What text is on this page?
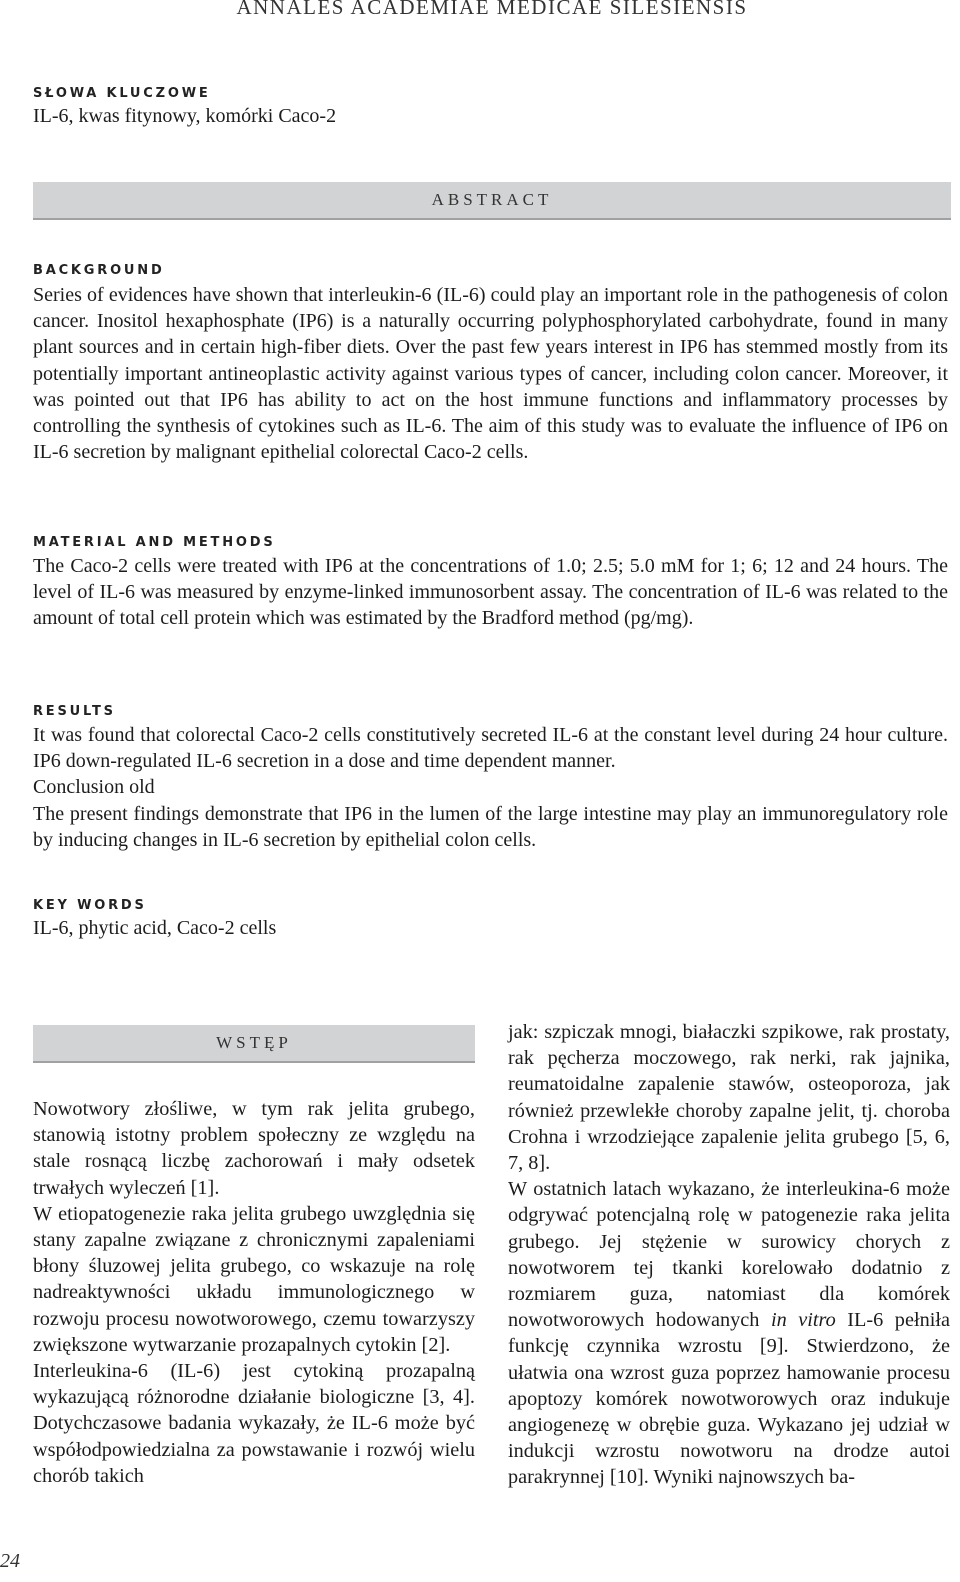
ANNALES ACADEMIAE MEDICAE SILESIENSIS
SŁOWA KLUCZOWE
IL-6, kwas fitynowy, komórki Caco-2
ABSTRACT
BACKGROUND
Series of evidences have shown that interleukin-6 (IL-6) could play an important role in the pathogenesis of colon cancer. Inositol hexaphosphate (IP6) is a naturally occurring polyphosphorylated carbohydrate, found in many plant sources and in certain high-fiber diets. Over the past few years interest in IP6 has stemmed mostly from its potentially important antineoplastic activity against various types of cancer, including colon cancer. Moreover, it was pointed out that IP6 has ability to act on the host immune functions and inflammatory processes by controlling the synthesis of cytokines such as IL-6. The aim of this study was to evaluate the influence of IP6 on IL-6 secretion by malignant epithelial colorectal Caco-2 cells.
MATERIAL AND METHODS
The Caco-2 cells were treated with IP6 at the concentrations of 1.0; 2.5; 5.0 mM for 1; 6; 12 and 24 hours. The level of IL-6 was measured by enzyme-linked immunosorbent assay. The concentration of IL-6 was related to the amount of total cell protein which was estimated by the Bradford method (pg/mg).
RESULTS
It was found that colorectal Caco-2 cells constitutively secreted IL-6 at the constant level during 24 hour culture. IP6 down-regulated IL-6 secretion in a dose and time dependent manner.
Conclusion old
The present findings demonstrate that IP6 in the lumen of the large intestine may play an immunoregulatory role by inducing changes in IL-6 secretion by epithelial colon cells.
KEY WORDS
IL-6, phytic acid, Caco-2 cells
WSTĘP

Nowotwory złośliwe, w tym rak jelita grubego, stanowią istotny problem społeczny ze względu na stale rosnącą liczbę zachorowań i mały odsetek trwałych wyleczeń [1].

W etiopatogenezie raka jelita grubego uwzględnia się stany zapalne związane z chronicznymi zapaleniami błony śluzowej jelita grubego, co wskazuje na rolę nadreaktywności układu immunologicznego w rozwoju procesu nowotworowego, czemu towarzyszy zwiększone wytwarzanie prozapalnych cytokin [2].

Interleukina-6 (IL-6) jest cytokiną prozapalną wykazującą różnorodne działanie biologiczne [3, 4]. Dotychczasowe badania wykazały, że IL-6 może być współodpowiedzialna za powstawanie i rozwój wielu chorób takich

jak: szpiczak mnogi, białaczki szpikowe, rak prostaty, rak pęcherza moczowego, rak nerki, rak jajnika, reumatoidalne zapalenie stawów, osteoporoza, jak również przewlekłe choroby zapalne jelit, tj. choroba Crohna i wrzodziejące zapalenie jelita grubego [5, 6, 7, 8].

W ostatnich latach wykazano, że interleukina-6 może odgrywać potencjalną rolę w patogenezie raka jelita grubego. Jej stężenie w surowicy chorych z nowotworem tej tkanki korelowało dodatnio z rozmiarem guza, natomiast dla komórek nowotworowych hodowanych in vitro IL-6 pełniła funkcję czynnika wzrostu [9]. Stwierdzono, że ułatwia ona wzrost guza poprzez hamowanie procesu apoptozy komórek nowotworowych oraz indukuje angiogenezę w obrębie guza. Wykazano jej udział w indukcji wzrostu nowotworu na drodze autoi parakrynnej [10]. Wyniki najnowszych ba-

24
